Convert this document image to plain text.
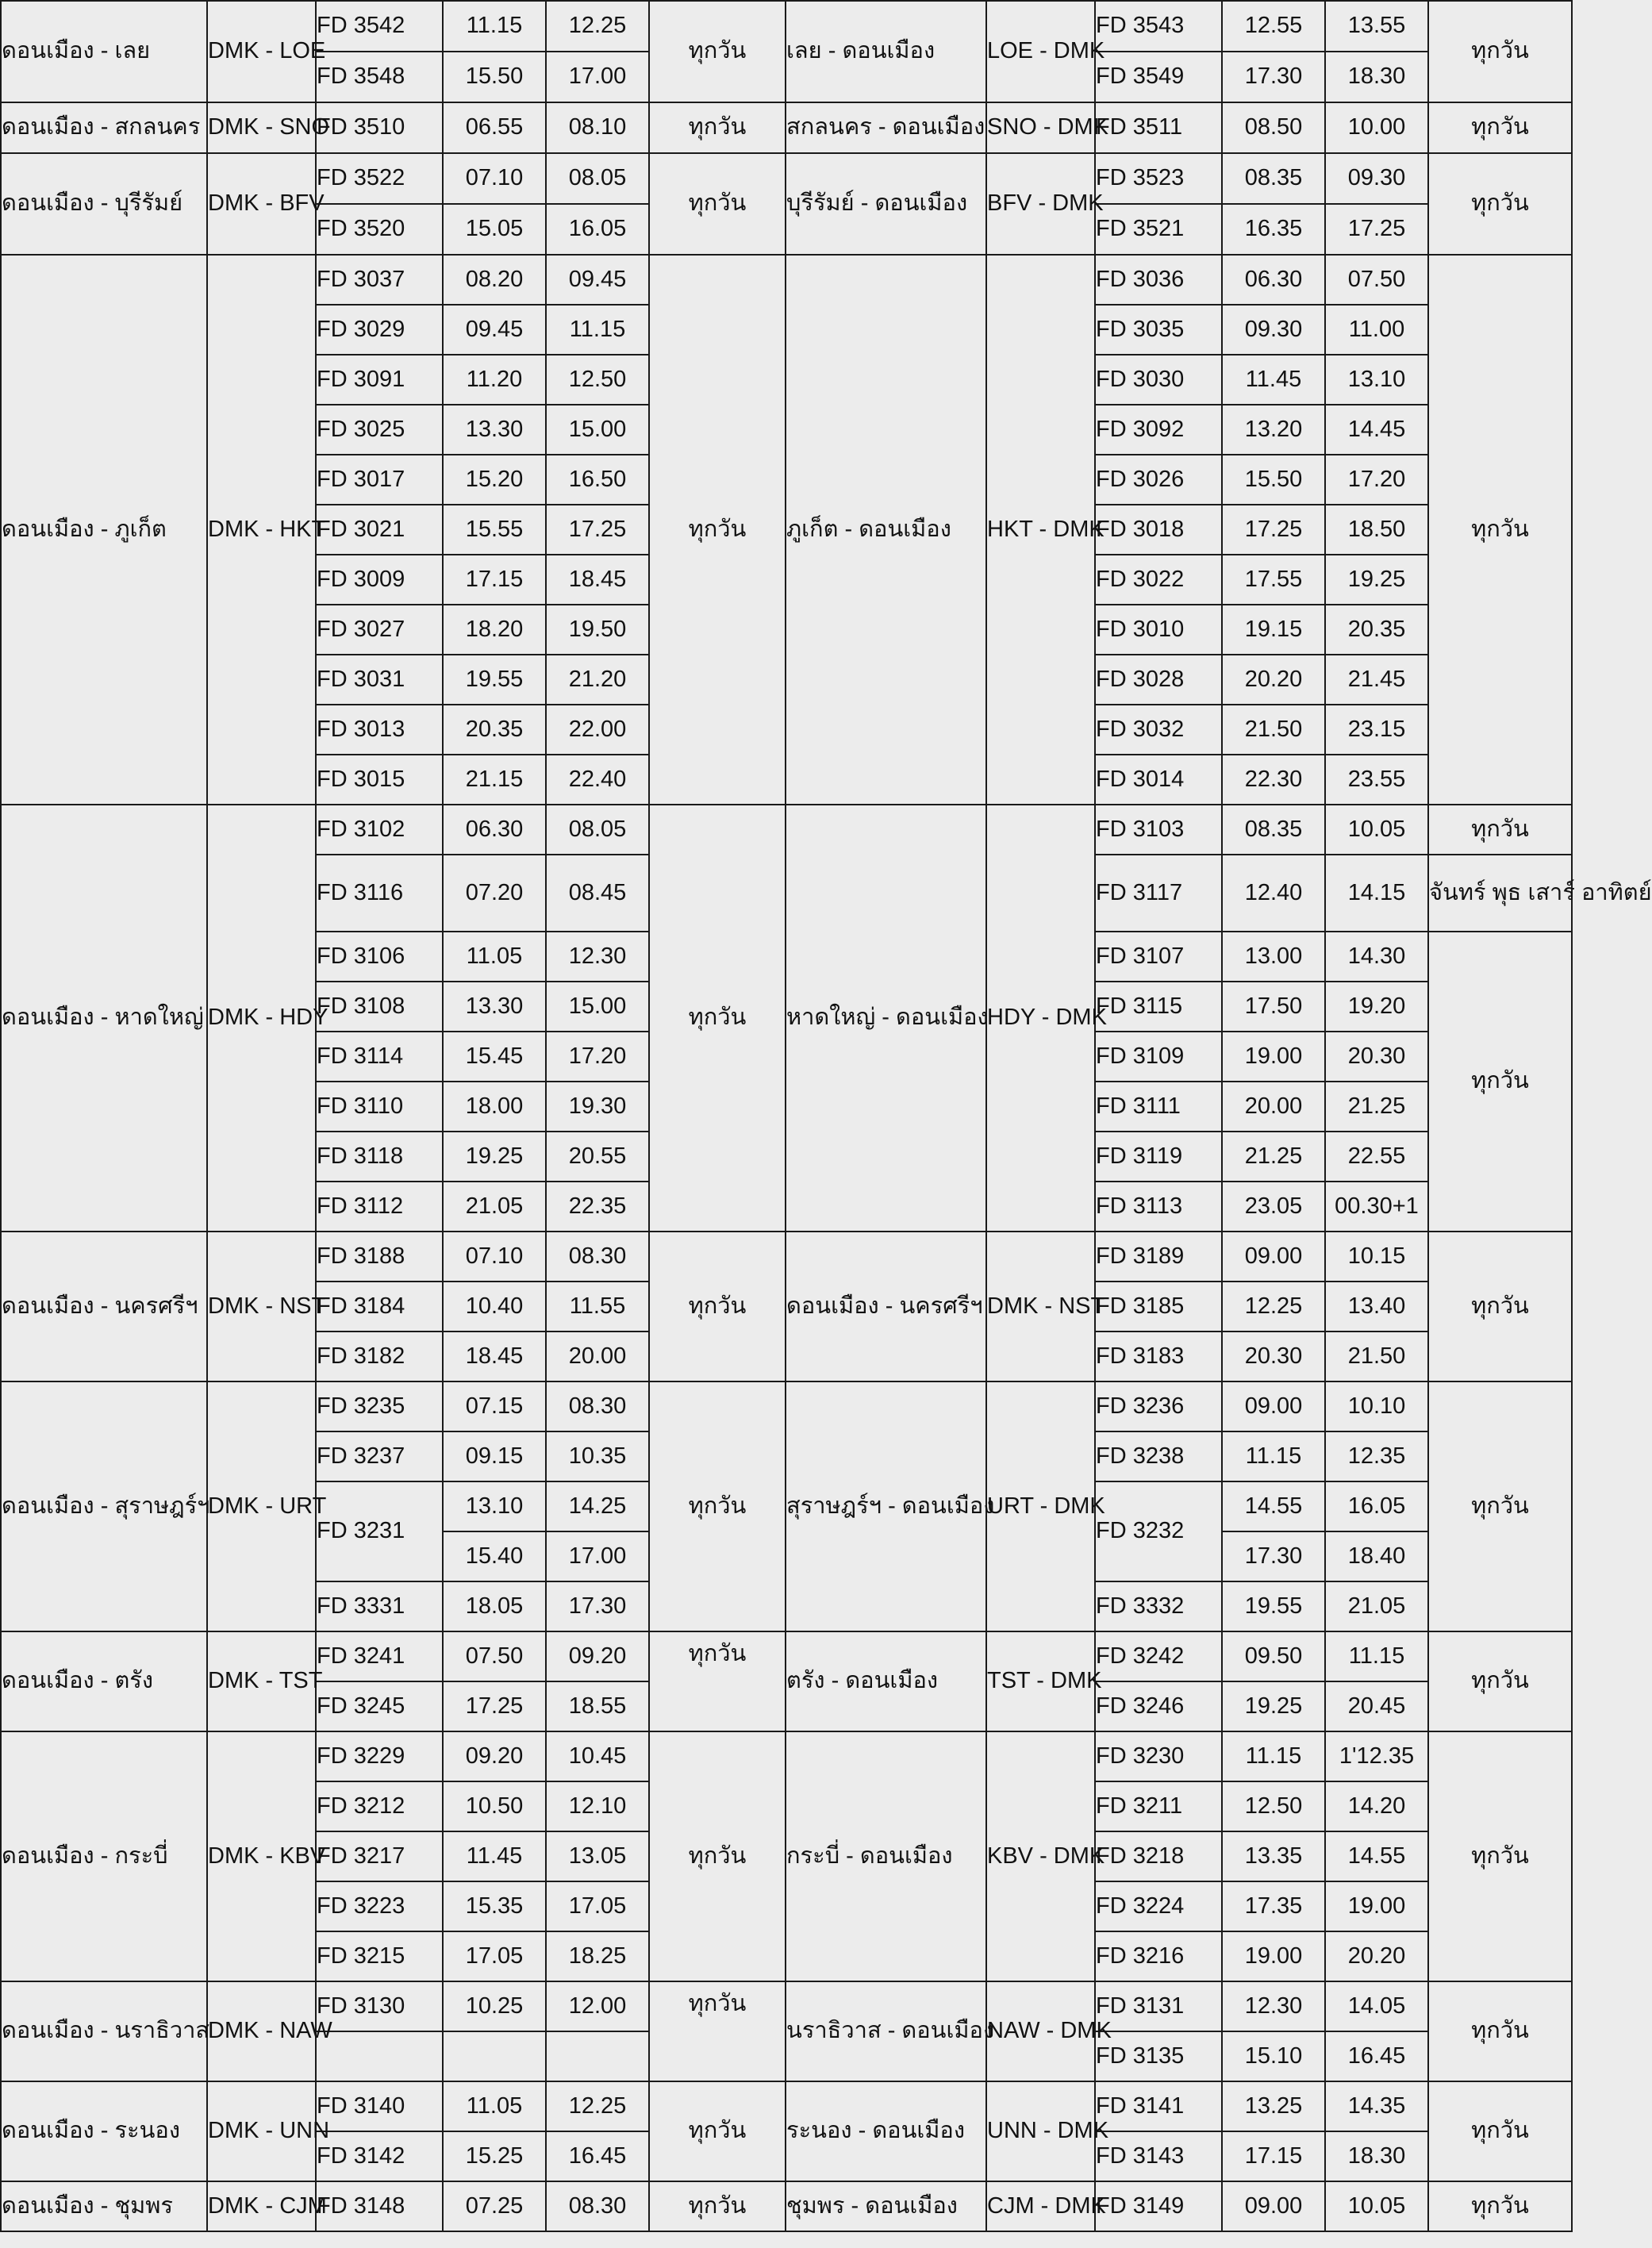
ดอนเมือง - เลย	DMK - LOE	FD 3542	11.15	12.25	ทุกวัน	เลย - ดอนเมือง	LOE - DMK	FD 3543	12.55	13.55	ทุกวัน
		FD 3548	15.50	17.00				FD 3549	17.30	18.30	
ดอนเมือง - สกลนคร	DMK - SNO	FD 3510	06.55	08.10	ทุกวัน	สกลนคร - ดอนเมือง	SNO - DMK	FD 3511	08.50	10.00	ทุกวัน
ดอนเมือง - บุรีรัมย์	DMK - BFV	FD 3522	07.10	08.05	ทุกวัน	บุรีรัมย์ - ดอนเมือง	BFV - DMK	FD 3523	08.35	09.30	ทุกวัน
		FD 3520	15.05	16.05				FD 3521	16.35	17.25	
ดอนเมือง - ภูเก็ต	DMK - HKT	FD 3037	08.20	09.45	ทุกวัน	ภูเก็ต - ดอนเมือง	HKT - DMK	FD 3036	06.30	07.50	ทุกวัน
		FD 3029	09.45	11.15				FD 3035	09.30	11.00	
		FD 3091	11.20	12.50				FD 3030	11.45	13.10	
		FD 3025	13.30	15.00				FD 3092	13.20	14.45	
		FD 3017	15.20	16.50				FD 3026	15.50	17.20	
		FD 3021	15.55	17.25				FD 3018	17.25	18.50	
		FD 3009	17.15	18.45				FD 3022	17.55	19.25	
		FD 3027	18.20	19.50				FD 3010	19.15	20.35	
		FD 3031	19.55	21.20				FD 3028	20.20	21.45	
		FD 3013	20.35	22.00				FD 3032	21.50	23.15	
		FD 3015	21.15	22.40				FD 3014	22.30	23.55	
ดอนเมือง - หาดใหญ่	DMK - HDY	FD 3102	06.30	08.05	ทุกวัน	หาดใหญ่ - ดอนเมือง	HDY - DMK	FD 3103	08.35	10.05	ทุกวัน
		FD 3116	07.20	08.45				FD 3117	12.40	14.15	จันทร์ พุธ เสาร์ อาทิตย์
		FD 3106	11.05	12.30				FD 3107	13.00	14.30	ทุกวัน
		FD 3108	13.30	15.00				FD 3115	17.50	19.20	
		FD 3114	15.45	17.20				FD 3109	19.00	20.30	
		FD 3110	18.00	19.30				FD 3111	20.00	21.25	
		FD 3118	19.25	20.55				FD 3119	21.25	22.55	
		FD 3112	21.05	22.35				FD 3113	23.05	00.30+1	
ดอนเมือง - นครศรีฯ	DMK - NST	FD 3188	07.10	08.30	ทุกวัน	ดอนเมือง - นครศรีฯ	DMK - NST	FD 3189	09.00	10.15	ทุกวัน
		FD 3184	10.40	11.55				FD 3185	12.25	13.40	
		FD 3182	18.45	20.00				FD 3183	20.30	21.50	
ดอนเมือง - สุราษฎร์ฯ	DMK - URT	FD 3235	07.15	08.30	ทุกวัน	สุราษฎร์ฯ - ดอนเมือง	URT - DMK	FD 3236	09.00	10.10	ทุกวัน
		FD 3237	09.15	10.35				FD 3238	11.15	12.35	
		FD 3231	13.10	14.25				FD 3232	14.55	16.05	
			15.40	17.00					17.30	18.40	
		FD 3331	18.05	17.30				FD 3332	19.55	21.05	
ดอนเมือง - ตรัง	DMK - TST	FD 3241	07.50	09.20	ทุกวัน	ตรัง - ดอนเมือง	TST - DMK	FD 3242	09.50	11.15	ทุกวัน
		FD 3245	17.25	18.55				FD 3246	19.25	20.45	
ดอนเมือง - กระบี่	DMK - KBV	FD 3229	09.20	10.45	ทุกวัน	กระบี่ - ดอนเมือง	KBV - DMK	FD 3230	11.15	1'12.35	ทุกวัน
		FD 3212	10.50	12.10				FD 3211	12.50	14.20	
		FD 3217	11.45	13.05				FD 3218	13.35	14.55	
		FD 3223	15.35	17.05				FD 3224	17.35	19.00	
		FD 3215	17.05	18.25				FD 3216	19.00	20.20	
ดอนเมือง - นราธิวาส	DMK - NAW	FD 3130	10.25	12.00	ทุกวัน	นราธิวาส - ดอนเมือง	NAW - DMK	FD 3131	12.30	14.05	ทุกวัน
								FD 3135	15.10	16.45	
ดอนเมือง - ระนอง	DMK - UNN	FD 3140	11.05	12.25	ทุกวัน	ระนอง - ดอนเมือง	UNN - DMK	FD 3141	13.25	14.35	ทุกวัน
		FD 3142	15.25	16.45				FD 3143	17.15	18.30	
ดอนเมือง - ชุมพร	DMK - CJM	FD 3148	07.25	08.30	ทุกวัน	ชุมพร - ดอนเมือง	CJM - DMK	FD 3149	09.00	10.05	ทุกวัน
